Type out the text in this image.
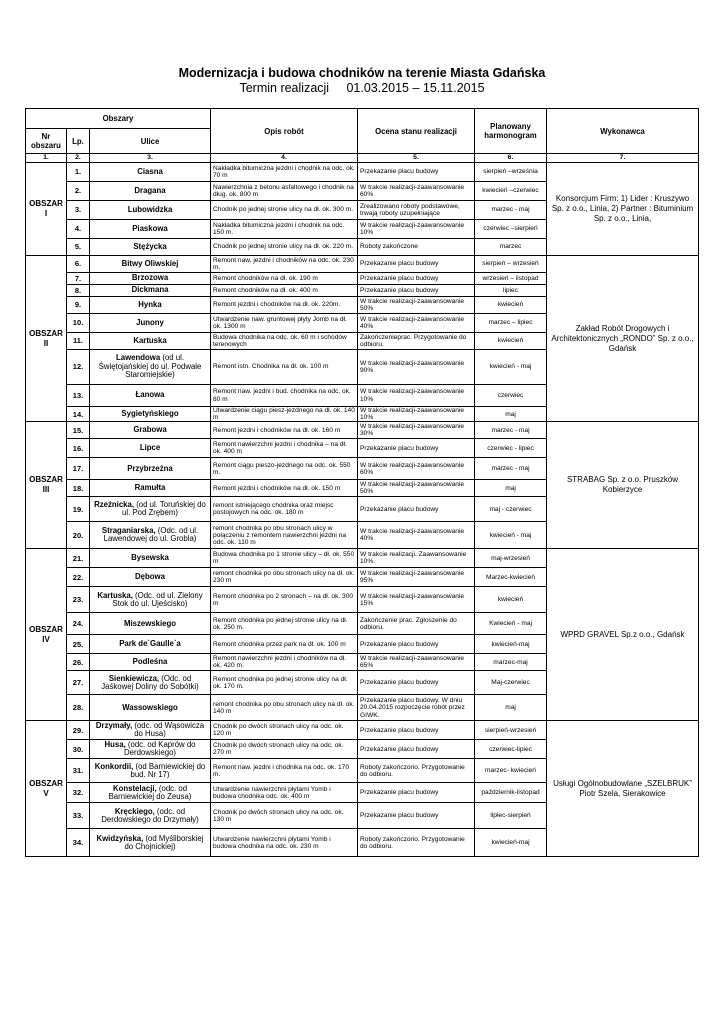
Modernizacja i budowa chodników na terenie Miasta Gdańska
Termin realizacji     01.03.2015 – 15.11.2015
Obszary			Opis robót	Ocena stanu realizacji	Planowany harmonogram	Wykonawca
Nr obszaru	Lp.	Ulice				
1.	2.	3.	4.	5.	6.	7.
OBSZAR I	1.	Ciasna	Nakładka bitumiczna jezdni i chodnik na odc. ok. 70 m	Przekazanie placu budowy	sierpień –września	Konsorcjum Firm: 1) Lider : Kruszywo Sp. z o.o., Linia, 2) Partner : Bituminium Sp. z o.o., Linia,
	2.	Dragana	Nawierzchnia z betonu asfaltowego i chodnik na dług. ok. 800 m	W trakcie realizacji-zaawansowanie 60%	kwiecień –czerwiec	
	3.	Lubowidzka	Chodnik po jednej stronie ulicy na dł. ok. 300 m.	Zrealizowano roboty podstawowe, trwają roboty uzupełniające	marzec - maj	
	4.	Piaskowa	Nakładka bitumiczna jezdni i chodnik na odc. 150 m.	W trakcie realizacji-zaawansowanie 10%	czerwiec –sierpień	
	5.	Stężycka	Chodnik po jednej stronie ulicy na dł. ok. 220 m.	Roboty zakończone	marzec	
OBSZAR II	6.	Bitwy Oliwskiej	Remont naw. jezdni i chodników na odc. ok. 230 m.	Przekazanie placu budowy	sierpień – wrzesień	Zakład Robót Drogowych i Architektonicznych „RONDO” Sp. z o.o., Gdańsk
	7.	Brzozowa	Remont chodników na dł. ok. 190 m	Przekazanie placu budowy	wrzesień – listopad	
	8.	Dickmana	Remont chodników na dł. ok. 400 m	Przekazanie placu budowy	lipiec	
	9.	Hynka	Remont jezdni i chodników na dł. ok. 220m.	W trakcie realizacji-zaawansowanie 50%	kwiecień	
	10.	Junony	Utwardzenie naw. gruntowej płyty Jomb na dł. ok. 1300 m	W trakcie realizacji-zaawansowanie 40%	marzec – lipiec	
	11.	Kartuska	Budowa chodnika na odc. ok. 60 m i schodów terenowych	Zakończenieprac. Przygotowanie do odbioru.	kwiecień	
	12.	Lawendowa (od ul. Świętojańskiej do ul. Podwale Staromiejskie)	Remont istn. Chodnika na dł. ok. 100 m	W trakcie realizacji-zaawansowanie 90%	kwiecień - maj	
	13.	Łanowa	Remont naw. jezdni i bud. chodnika na odc. ok. 80 m	W trakcie realizacji-zaawansowanie 10%	czerwiec	
	14.	Sygietyńskiego	Utwardzenie ciągu piesz-jezdnego na dł. ok. 140 m	W trakcie realizacji-zaawansowanie 10%	maj	
OBSZAR III	15.	Grabowa	Remont jezdni i chodników na dł. ok. 160 m	W trakcie realizacji-zaawansowanie 30%	marzec - maj	STRABAG Sp. z o.o. Pruszków Kobierzyce
	16.	Lipce	Remont nawierzchni jezdni i chodnika – na dł. ok. 400 m	Przekazanie placu budowy	czerwiec - lipiec	
	17.	Przybrzeżna	Remont ciągu pieszo-jezdnego na odc. ok. 550 m.	W trakcie realizacji-zaawansowanie 60%	marzec - maj	
	18.	Ramułta	Remont jezdni i chodników na dł. ok. 150 m	W trakcie realizacji-zaawansowanie 50%	maj	
	19.	Rzeźnicka, (od ul. Toruńskiej do ul. Pod Zrębem)	remont istniejącego chodnika oraz miejsc postojowych na odc. ok. 180 m	Przekazanie placu budowy	maj - czerwiec	
	20.	Straganiarska, (Odc. od ul. Lawendowej do ul. Grobla)	remont chodnika po obu stronach ulicy w połączeniu z remontem nawierzchni jezdni na odc. ok. 110 m	W trakcie realizacji-zaawansowanie 40%	kwiecień - maj	
OBSZAR IV	21.	Bysewska	Budowa chodnika po 1 stronie ulicy – dł. ok. 550 m	W trakcie realizacji. Zaawansowanie 10%.	maj-wrzesień	WPRD GRAVEL Sp.z o.o., Gdańsk
	22.	Dębowa	remont chodnika po obu stronach ulicy na dł. ok. 230 m	W trakcie realizacji-zaawansowanie 95%	Marzec-kwiecień	
	23.	Kartuska, (Odc. od ul. Zielony Stok do ul. Ujeścisko)	Remont chodnika po 2 stronach – na dł. ok. 300 m	W trakcie realizacji-zaawansowanie 15%	kwiecień	
	24.	Miszewskiego	Remont chodnika po jednej stronie ulicy na dł. ok. 250 m.	Zakończenie prac. Zgłoszenie do odbioru.	Kwiecień - maj	
	25.	Park de`Gaulle`a	Remont chodnika przez park na dł. ok. 100 m	Przekazanie placu budowy	kwiecień-maj	
	26.	Podleśna	Remont nawierzchni jezdni i chodników na dł. ok. 420 m.	W trakcie realizacji-zaawansowanie 65%	marzec-maj	
	27.	Sienkiewicza, (Odc. od Jaśkowej Doliny do Sobótki)	Remont chodnika po jednej stronie ulicy na dł. ok. 170 m.	Przekazanie placu budowy	Maj-czerwiec	
	28.	Wassowskiego	remont chodnika po obu stronach ulicy na dł. ok. 140 m	Przekazanie placu budowy. W dniu 20.04.2015 rozpoczęcie robót przez GIWK.	maj	
OBSZAR V	29.	Drzymały, (odc. od Wąsowicza do Husa)	Chodnik po dwóch stronach ulicy na odc. ok. 120 m	Przekazanie placu budowy	sierpień-wrzesień	Usługi Ogólnobudowlane „SZELBRUK” Piotr Szela, Sierakowice
	30.	Husa, (odc. od Kaprów do Derdowskiego)	Chodnik po dwóch stronach ulicy na odc. ok. 270 m	Przekazanie placu budowy	czerwiec-lipiec	
	31.	Konkordii, (od Barniewickiej do bud. Nr 17)	Remont naw. jezdni i chodnika na odc. ok. 170 m.	Roboty zakończono. Przygotowanie do odbioru.	marzec- kwiecień	
	32.	Konstelacji, (odc. od Barniewickiej do Zeusa)	Utwardzenie nawierzchni płytami Yomb i budowa chodnika odc. ok. 400 m	Przekazanie placu budowy	październik-listopad	
	33.	Kręckiego, (odc. od Derdowskiego do Drzymały)	Chodnik po dwóch stronach ulicy na odc. ok. 130 m	Przekazanie placu budowy	lipiec-sierpień	
	34.	Kwidzyńska, (od Myśliborskiej do Chojnickiej)	Utwardzenie nawierzchni płytami Yomb i budowa chodnika na odc. ok. 230 m	Roboty zakończono. Przygotowanie do odbioru.	kwiecień-maj	
